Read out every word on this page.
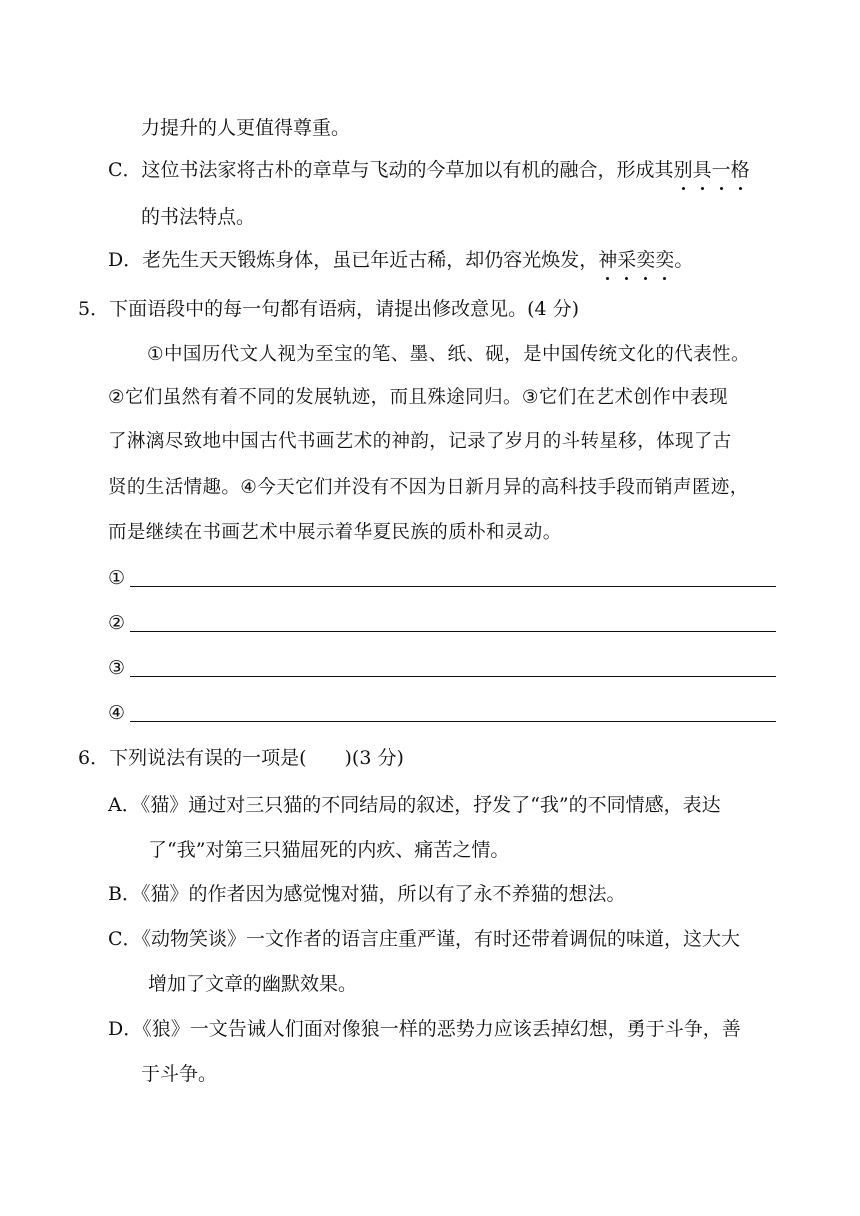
力提升的人更值得尊重。
C．这位书法家将古朴的章草与飞动的今草加以有机的融合，形成其别具一格
的书法特点。
D．老先生天天锻炼身体，虽已年近古稀，却仍容光焕发，神采奕奕。
5．下面语段中的每一句都有语病，请提出修改意见。(4 分)
①中国历代文人视为至宝的笔、墨、纸、砚，是中国传统文化的代表性。
②它们虽然有着不同的发展轨迹，而且殊途同归。③它们在艺术创作中表现
了淋漓尽致地中国古代书画艺术的神韵，记录了岁月的斗转星移，体现了古
贤的生活情趣。④今天它们并没有不因为日新月异的高科技手段而销声匿迹，
而是继续在书画艺术中展示着华夏民族的质朴和灵动。
①
②
③
④
6．下列说法有误的一项是(　　)(3 分)
A．《猫》通过对三只猫的不同结局的叙述，抒发了“我”的不同情感，表达
了“我”对第三只猫屈死的内疚、痛苦之情。
B．《猫》的作者因为感觉愧对猫，所以有了永不养猫的想法。
C．《动物笑谈》一文作者的语言庄重严谨，有时还带着调侃的味道，这大大
增加了文章的幽默效果。
D．《狼》一文告诫人们面对像狼一样的恶势力应该丢掉幻想，勇于斗争，善
于斗争。
